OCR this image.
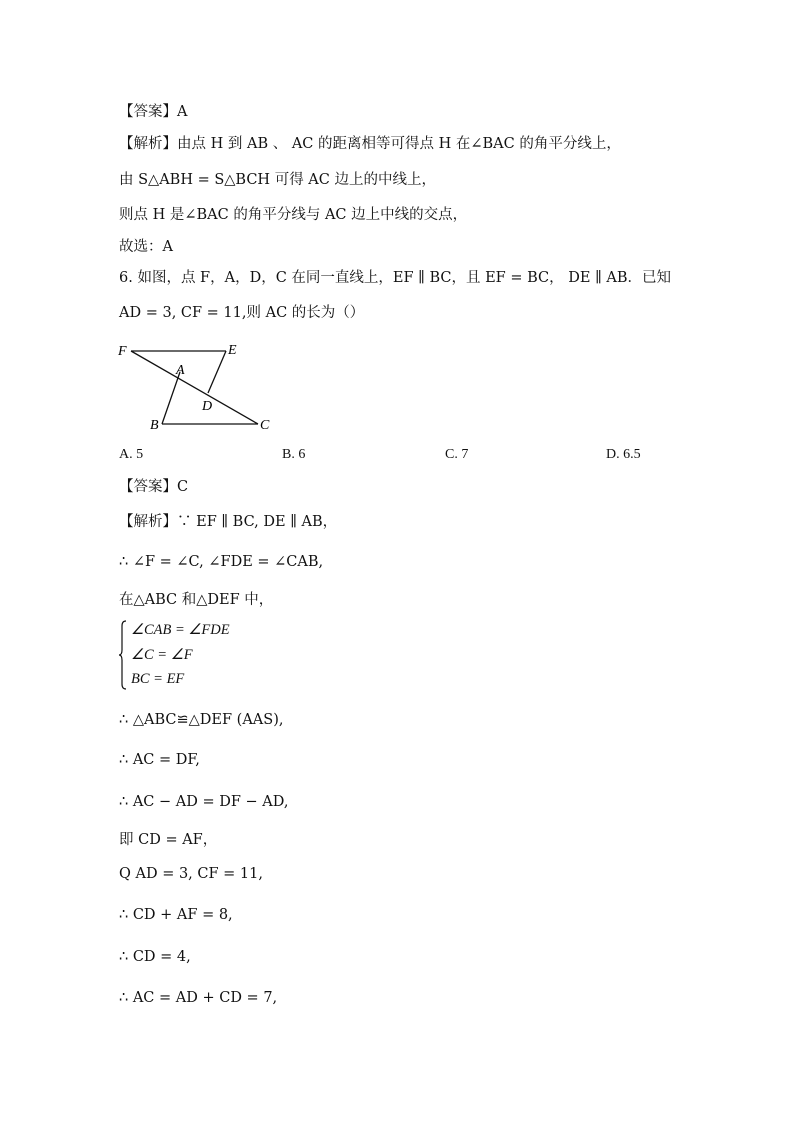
【答案】A
【解析】由点 H 到 AB 、 AC 的距离相等可得点 H 在∠BAC 的角平分线上，
由 S△ABH = S△BCH 可得 AC 边上的中线上，
则点 H 是∠BAC 的角平分线与 AC 边上中线的交点，
故选：A
6. 如图，点 F，A，D，C 在同一直线上，EF ∥ BC，且 EF = BC， DE ∥ AB．已知
AD = 3, CF = 11,则 AC 的长为（）
F	E
A
D
B	C
A. 5	B. 6	C. 7	D. 6.5
【答案】C
【解析】∵ EF ∥ BC, DE ∥ AB，
∴ ∠F = ∠C, ∠FDE = ∠CAB,
在△ABC 和△DEF 中，
∠CAB = ∠FDE
∠C = ∠F
BC = EF
∴ △ABC≌△DEF (AAS),
∴ AC = DF,
∴ AC − AD = DF − AD,
即 CD = AF，
Q AD = 3, CF = 11,
∴ CD + AF = 8,
∴ CD = 4,
∴ AC = AD + CD = 7,
